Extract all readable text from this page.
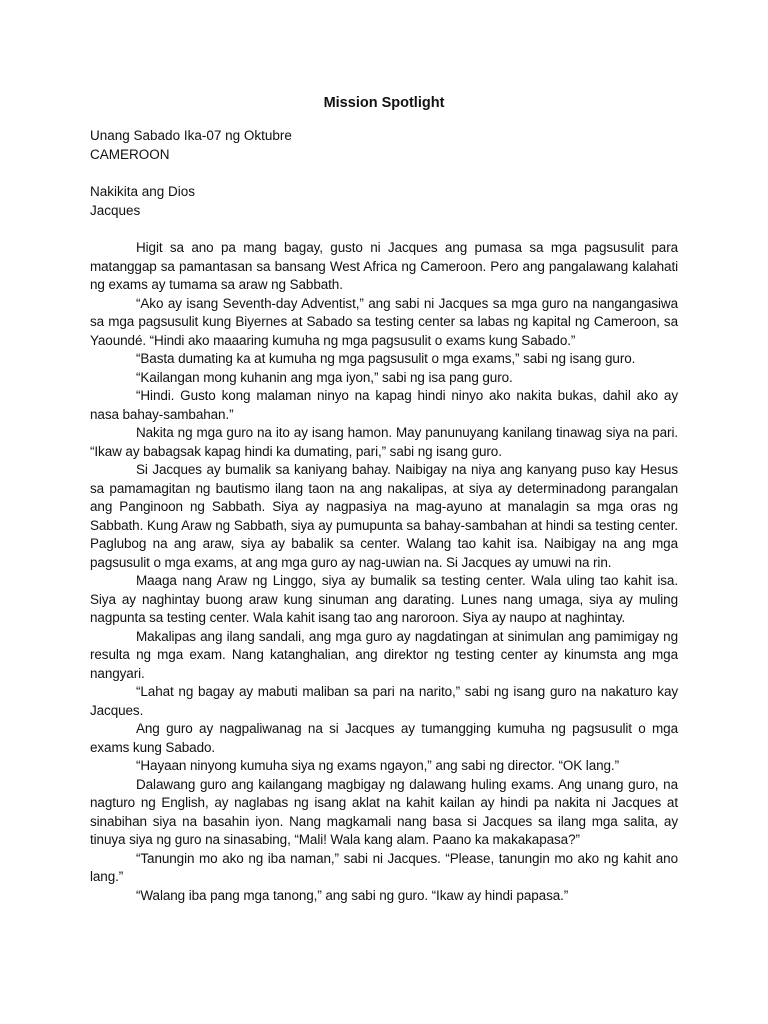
Mission Spotlight
Unang Sabado Ika-07 ng Oktubre
CAMEROON
Nakikita ang Dios
Jacques

Higit sa ano pa mang bagay, gusto ni Jacques ang pumasa sa mga pagsusulit para matanggap sa pamantasan sa bansang West Africa ng Cameroon. Pero ang pangalawang kalahati ng exams ay tumama sa araw ng Sabbath.

“Ako ay isang Seventh-day Adventist,” ang sabi ni Jacques sa mga guro na nangangasiwa sa mga pagsusulit kung Biyernes at Sabado sa testing center sa labas ng kapital ng Cameroon, sa Yaoundé. “Hindi ako maaaring kumuha ng mga pagsusulit o exams kung Sabado.”

“Basta dumating ka at kumuha ng mga pagsusulit o mga exams,” sabi ng isang guro.

“Kailangan mong kuhanin ang mga iyon,” sabi ng isa pang guro.

“Hindi. Gusto kong malaman ninyo na kapag hindi ninyo ako nakita bukas, dahil ako ay nasa bahay-sambahan.”

Nakita ng mga guro na ito ay isang hamon. May panunuyang kanilang tinawag siya na pari. “Ikaw ay babagsak kapag hindi ka dumating, pari,” sabi ng isang guro.

Si Jacques ay bumalik sa kaniyang bahay. Naibigay na niya ang kanyang puso kay Hesus sa pamamagitan ng bautismo ilang taon na ang nakalipas, at siya ay determinadong parangalan ang Panginoon ng Sabbath. Siya ay nagpasiya na mag-ayuno at manalagin sa mga oras ng Sabbath. Kung Araw ng Sabbath, siya ay pumupunta sa bahay-sambahan at hindi sa testing center. Paglubog na ang araw, siya ay babalik sa center. Walang tao kahit isa. Naibigay na ang mga pagsusulit o mga exams, at ang mga guro ay nag-uwian na. Si Jacques ay umuwi na rin.

Maaga nang Araw ng Linggo, siya ay bumalik sa testing center. Wala uling tao kahit isa. Siya ay naghintay buong araw kung sinuman ang darating. Lunes nang umaga, siya ay muling nagpunta sa testing center. Wala kahit isang tao ang naroroon. Siya ay naupo at naghintay.

Makalipas ang ilang sandali, ang mga guro ay nagdatingan at sinimulan ang pamimigay ng resulta ng mga exam. Nang katanghalian, ang direktor ng testing center ay kinumsta ang mga nangyari.

“Lahat ng bagay ay mabuti maliban sa pari na narito,” sabi ng isang guro na nakaturo kay Jacques.

Ang guro ay nagpaliwanag na si Jacques ay tumangging kumuha ng pagsusulit o mga exams kung Sabado.

“Hayaan ninyong kumuha siya ng exams ngayon,” ang sabi ng director. “OK lang.”

Dalawang guro ang kailangang magbigay ng dalawang huling exams. Ang unang guro, na nagturo ng English, ay naglabas ng isang aklat na kahit kailan ay hindi pa nakita ni Jacques at sinabihan siya na basahin iyon. Nang magkamali nang basa si Jacques sa ilang mga salita, ay tinuya siya ng guro na sinasabing, “Mali! Wala kang alam. Paano ka makakapasa?”

“Tanungin mo ako ng iba naman,” sabi ni Jacques. “Please, tanungin mo ako ng kahit ano lang.”

“Walang iba pang mga tanong,” ang sabi ng guro. “Ikaw ay hindi papasa.”
